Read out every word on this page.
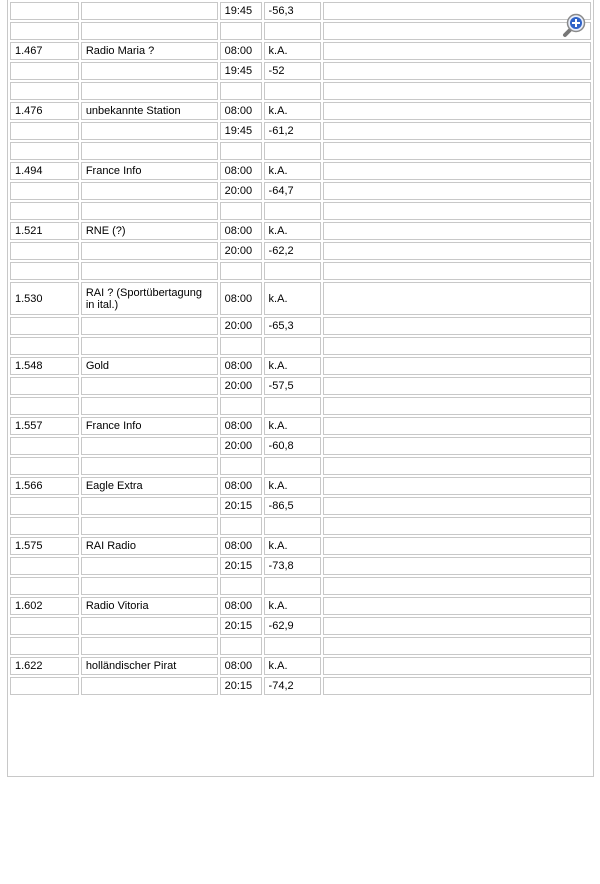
		19:45	-56,3	

1.467	Radio Maria ?	08:00	k.A.	
		19:45	-52	

1.476	unbekannte Station	08:00	k.A.	
		19:45	-61,2	

1.494	France Info	08:00	k.A.	
		20:00	-64,7	

1.521	RNE (?)	08:00	k.A.	
		20:00	-62,2	

1.530	RAI ? (Sportübertagung in ital.)	08:00	k.A.	
		20:00	-65,3	

1.548	Gold	08:00	k.A.	
		20:00	-57,5	

1.557	France Info	08:00	k.A.	
		20:00	-60,8	

1.566	Eagle Extra	08:00	k.A.	
		20:15	-86,5	

1.575	RAI Radio	08:00	k.A.	
		20:15	-73,8	

1.602	Radio Vitoria	08:00	k.A.	
		20:15	-62,9	

1.622	holländischer Pirat	08:00	k.A.	
		20:15	-74,2	
